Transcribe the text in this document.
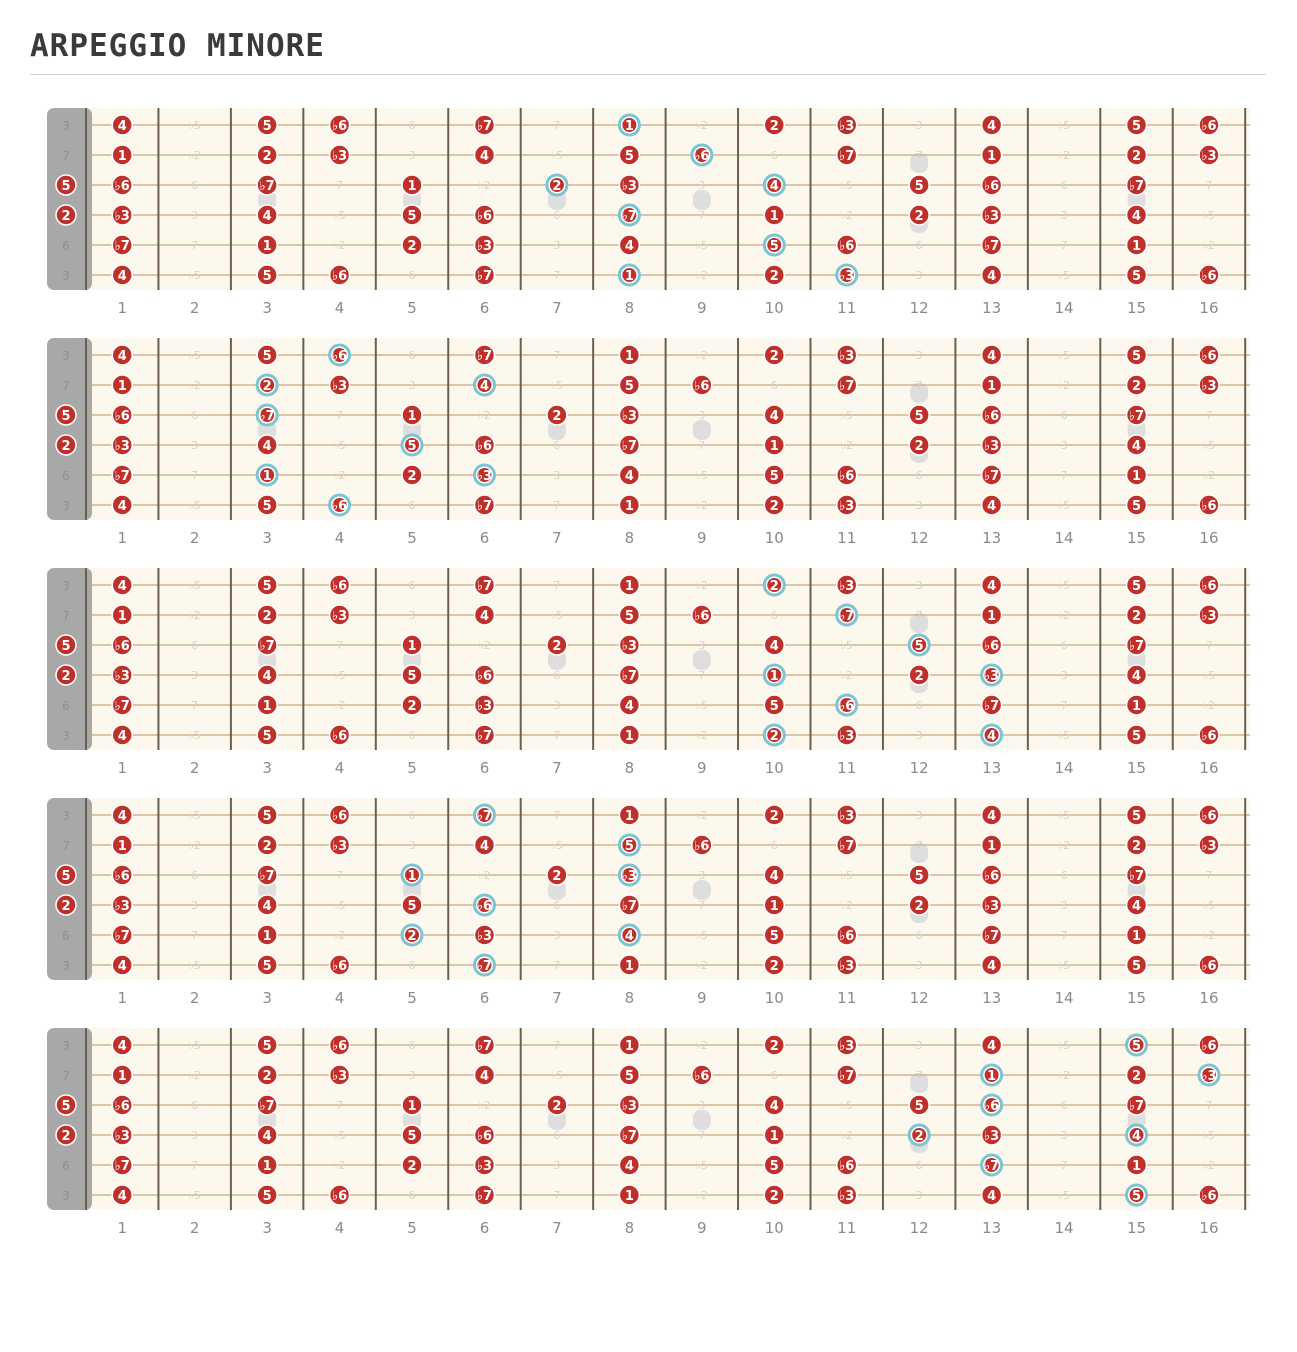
ARPEGGIO MINORE
3
7
5
2
6
3
4	♭5	5	♭6	6	♭7	7	1	♭2	2	♭3	3	4	♭5	5	♭6
1	♭2	2	♭3	3	4	♭5	5	♭6	6	♭7	7	1	♭2	2	♭3
♭6	6	♭7	7	1	♭2	2	♭3	3	4	♭5	5	♭6	6	♭7	7
♭3	3	4	♭5	5	♭6	6	♭7	7	1	♭2	2	♭3	3	4	♭5
♭7	7	1	♭2	2	♭3	3	4	♭5	5	♭6	6	♭7	7	1	♭2
4	♭5	5	♭6	6	♭7	7	1	♭2	2	♭3	3	4	♭5	5	♭6
1	2	3	4	5	6	7	8	9	10	11	12	13	14	15	16
3
7
5
2
6
3
4	♭5	5	♭6	6	♭7	7	1	♭2	2	♭3	3	4	♭5	5	♭6
1	♭2	2	♭3	3	4	♭5	5	♭6	6	♭7	7	1	♭2	2	♭3
♭6	6	♭7	7	1	♭2	2	♭3	3	4	♭5	5	♭6	6	♭7	7
♭3	3	4	♭5	5	♭6	6	♭7	7	1	♭2	2	♭3	3	4	♭5
♭7	7	1	♭2	2	♭3	3	4	♭5	5	♭6	6	♭7	7	1	♭2
4	♭5	5	♭6	6	♭7	7	1	♭2	2	♭3	3	4	♭5	5	♭6
1	2	3	4	5	6	7	8	9	10	11	12	13	14	15	16
3
7
5
2
6
3
4	♭5	5	♭6	6	♭7	7	1	♭2	2	♭3	3	4	♭5	5	♭6
1	♭2	2	♭3	3	4	♭5	5	♭6	6	♭7	7	1	♭2	2	♭3
♭6	6	♭7	7	1	♭2	2	♭3	3	4	♭5	5	♭6	6	♭7	7
♭3	3	4	♭5	5	♭6	6	♭7	7	1	♭2	2	♭3	3	4	♭5
♭7	7	1	♭2	2	♭3	3	4	♭5	5	♭6	6	♭7	7	1	♭2
4	♭5	5	♭6	6	♭7	7	1	♭2	2	♭3	3	4	♭5	5	♭6
1	2	3	4	5	6	7	8	9	10	11	12	13	14	15	16
3
7
5
2
6
3
4	♭5	5	♭6	6	♭7	7	1	♭2	2	♭3	3	4	♭5	5	♭6
1	♭2	2	♭3	3	4	♭5	5	♭6	6	♭7	7	1	♭2	2	♭3
♭6	6	♭7	7	1	♭2	2	♭3	3	4	♭5	5	♭6	6	♭7	7
♭3	3	4	♭5	5	♭6	6	♭7	7	1	♭2	2	♭3	3	4	♭5
♭7	7	1	♭2	2	♭3	3	4	♭5	5	♭6	6	♭7	7	1	♭2
4	♭5	5	♭6	6	♭7	7	1	♭2	2	♭3	3	4	♭5	5	♭6
1	2	3	4	5	6	7	8	9	10	11	12	13	14	15	16
3
7
5
2
6
3
4	♭5	5	♭6	6	♭7	7	1	♭2	2	♭3	3	4	♭5	5	♭6
1	♭2	2	♭3	3	4	♭5	5	♭6	6	♭7	7	1	♭2	2	♭3
♭6	6	♭7	7	1	♭2	2	♭3	3	4	♭5	5	♭6	6	♭7	7
♭3	3	4	♭5	5	♭6	6	♭7	7	1	♭2	2	♭3	3	4	♭5
♭7	7	1	♭2	2	♭3	3	4	♭5	5	♭6	6	♭7	7	1	♭2
4	♭5	5	♭6	6	♭7	7	1	♭2	2	♭3	3	4	♭5	5	♭6
1	2	3	4	5	6	7	8	9	10	11	12	13	14	15	16
